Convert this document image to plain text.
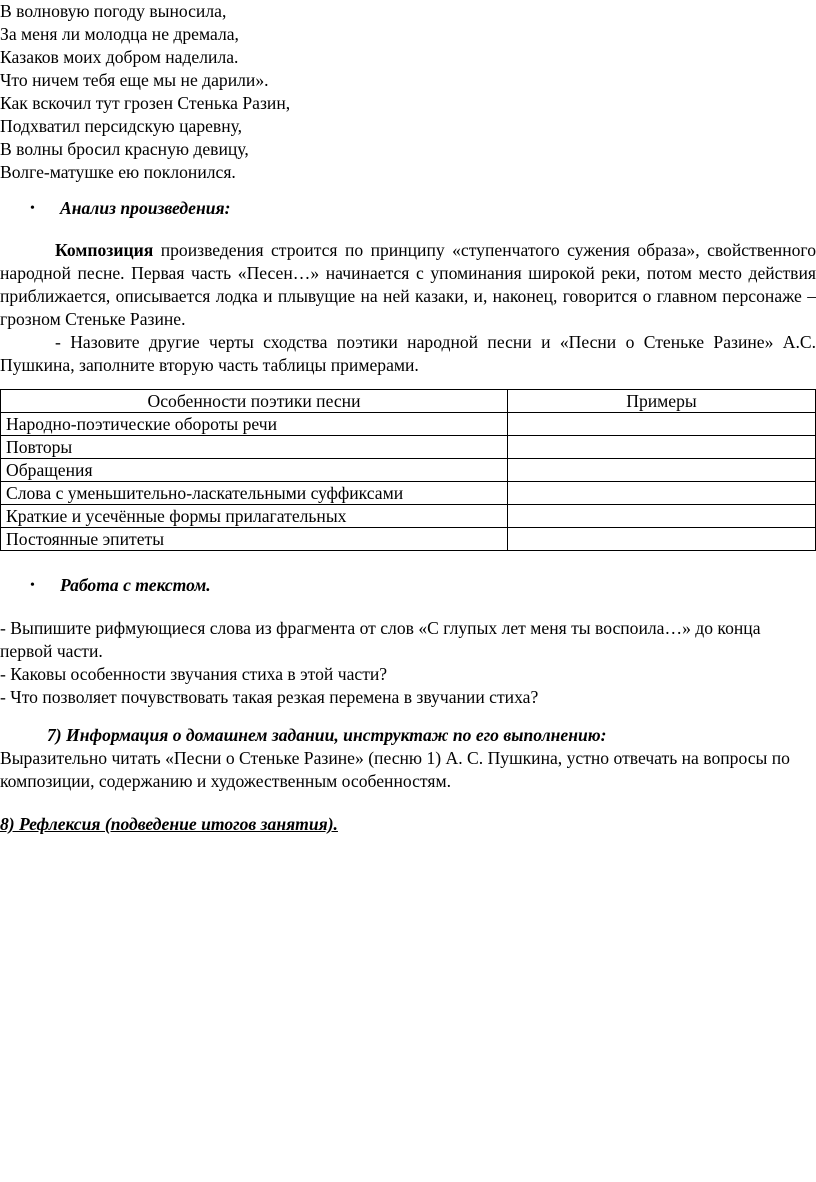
В волновую погоду выносила,
За меня ли молодца не дремала,
Казаков моих добром наделила.
Что ничем тебя еще мы не дарили».
Как вскочил тут грозен Стенька Разин,
Подхватил персидскую царевну,
В волны бросил красную девицу,
Волге-матушке ею поклонился.
• Анализ произведения:

Композиция произведения строится по принципу «ступенчатого сужения образа», свойственного народной песне. Первая часть «Песен…» начинается с упоминания широкой реки, потом место действия приближается, описывается лодка и плывущие на ней казаки, и, наконец, говорится о главном персонаже – грозном Стеньке Разине.

- Назовите другие черты сходства поэтики народной песни и «Песни о Стеньке Разине» А.С. Пушкина, заполните вторую часть таблицы примерами.

Особенности поэтики песни	Примеры
Народно-поэтические обороты речи	
Повторы	
Обращения	
Слова с уменьшительно-ласкательными суффиксами	
Краткие и усечённые формы прилагательных	
Постоянные эпитеты	
• Работа с текстом.
- Выпишите рифмующиеся слова из фрагмента от слов «С глупых лет меня ты воспоила…» до конца первой части.
- Каковы особенности звучания стиха в этой части?
- Что позволяет почувствовать такая резкая перемена в звучании стиха?
7) Информация о домашнем задании, инструктаж по его выполнению:
Выразительно читать «Песни о Стеньке Разине» (песню 1) А. С. Пушкина, устно отвечать на вопросы по композиции, содержанию и художественным особенностям.
8) Рефлексия (подведение итогов занятия).
